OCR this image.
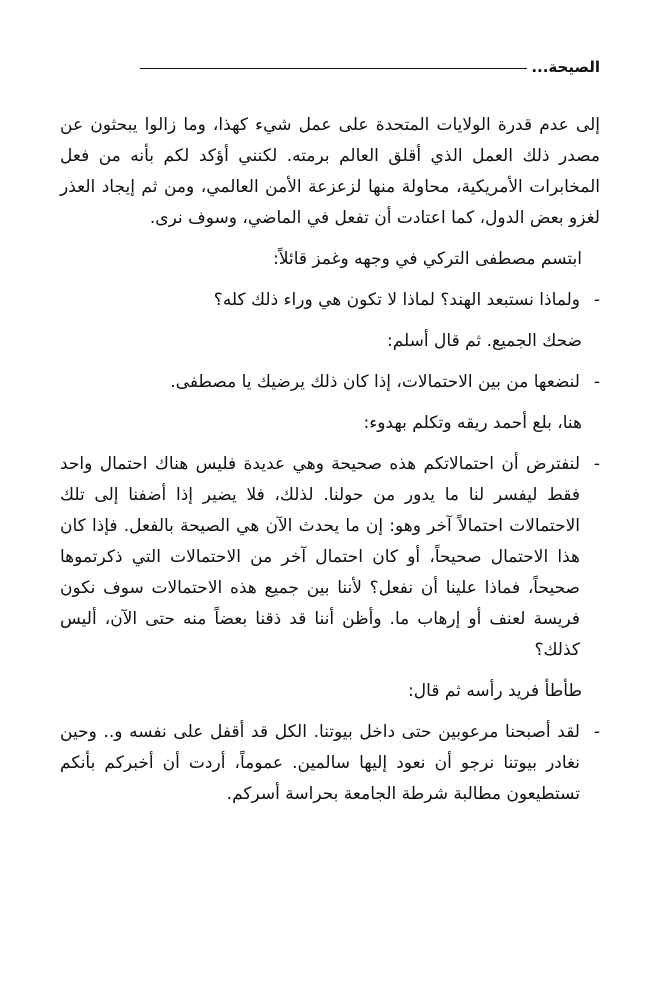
الصيحة...

إلى عدم قدرة الولايات المتحدة على عمل شيء كهذا، وما زالوا يبحثون عن مصدر ذلك العمل الذي أقلق العالم برمته. لكنني أؤكد لكم بأنه من فعل المخابرات الأمريكية، محاولة منها لزعزعة الأمن العالمي، ومن ثم إيجاد العذر لغزو بعض الدول، كما اعتادت أن تفعل في الماضي، وسوف نرى.

ابتسم مصطفى التركي في وجهه وغمز قائلاً:

-
ولماذا نستبعد الهند؟ لماذا لا تكون هي وراء ذلك كله؟

ضحك الجميع. ثم قال أسلم:

-
لنضعها من بين الاحتمالات، إذا كان ذلك يرضيك يا مصطفى.

هنا، بلع أحمد ريقه وتكلم بهدوء:

-
لنفترض أن احتمالاتكم هذه صحيحة وهي عديدة فليس هناك احتمال واحد فقط ليفسر لنا ما يدور من حولنا. لذلك، فلا يضير إذا أضفنا إلى تلك الاحتمالات احتمالاً آخر وهو: إن ما يحدث الآن هي الصيحة بالفعل. فإذا كان هذا الاحتمال صحيحاً، أو كان احتمال آخر من الاحتمالات التي ذكرتموها صحيحاً، فماذا علينا أن نفعل؟ لأننا بين جميع هذه الاحتمالات سوف نكون فريسة لعنف أو إرهاب ما. وأظن أننا قد ذقنا بعضاً منه حتى الآن، أليس كذلك؟

طأطأ فريد رأسه ثم قال:

-
لقد أصبحنا مرعوبين حتى داخل بيوتنا. الكل قد أقفل على نفسه و.. وحين نغادر بيوتنا نرجو أن نعود إليها سالمين. عموماً، أردت أن أخبركم بأنكم تستطيعون مطالبة شرطة الجامعة بحراسة أسركم.
